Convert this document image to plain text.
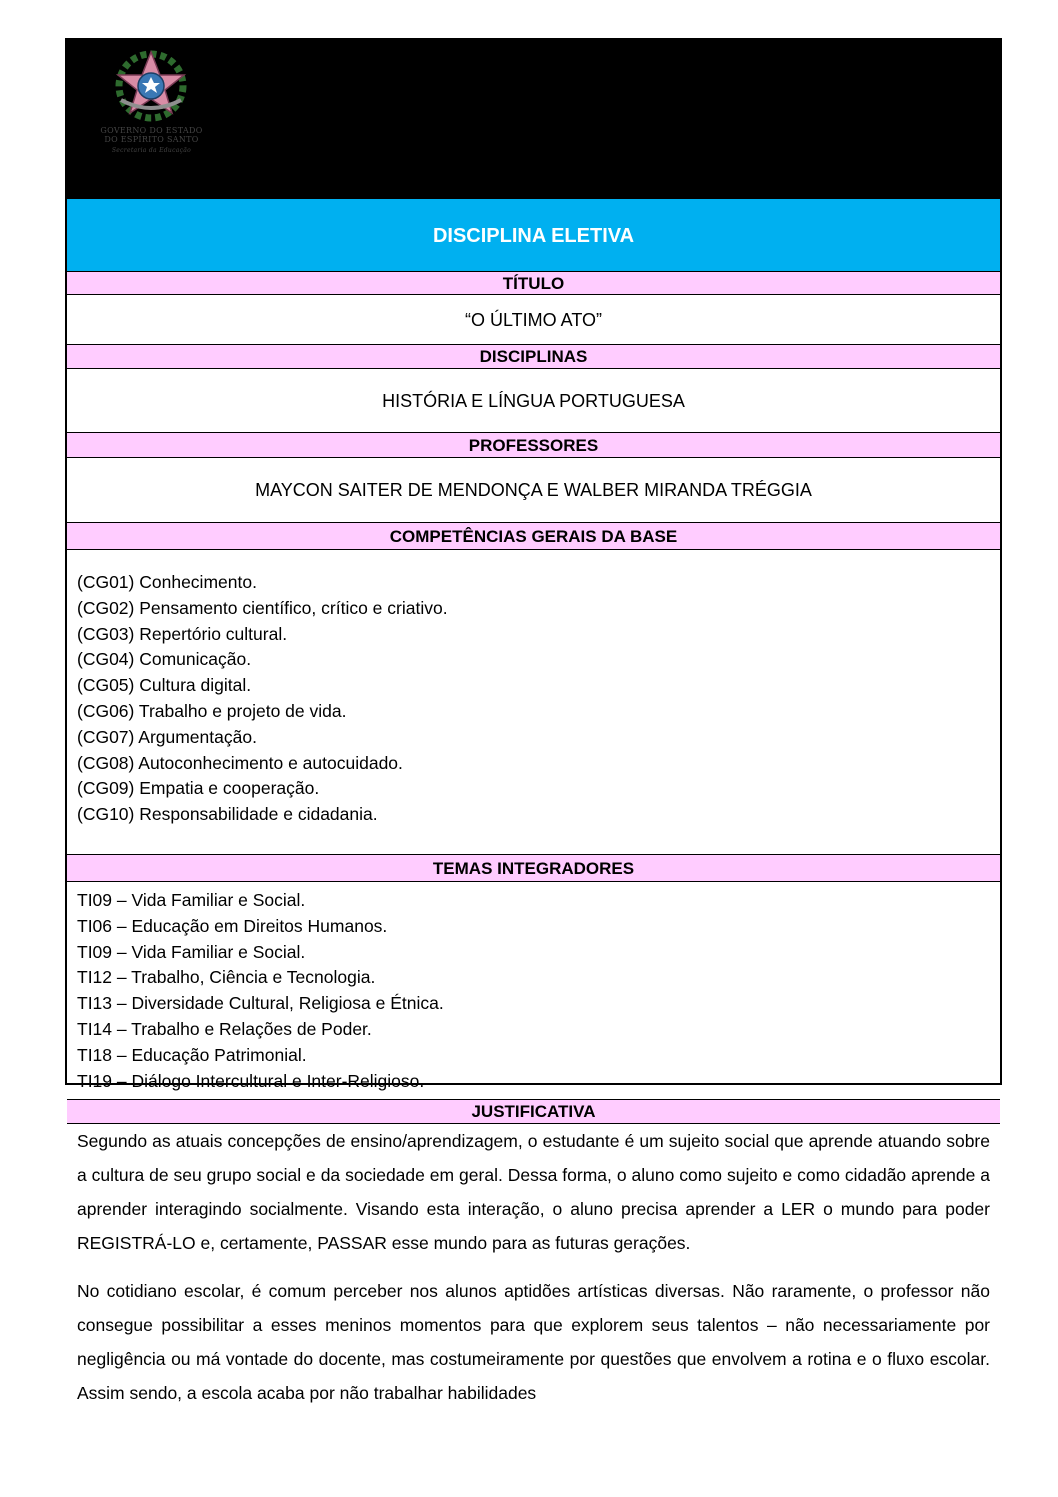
GOVERNO DO ESTADO
DO ESPÍRITO SANTO
Secretaria da Educação
DISCIPLINA ELETIVA
TÍTULO
“O ÚLTIMO ATO”
DISCIPLINAS
HISTÓRIA E LÍNGUA PORTUGUESA
PROFESSORES
MAYCON SAITER DE MENDONÇA E WALBER MIRANDA TRÉGGIA
COMPETÊNCIAS GERAIS DA BASE
(CG01) Conhecimento.
(CG02) Pensamento científico, crítico e criativo.
(CG03) Repertório cultural.
(CG04) Comunicação.
(CG05) Cultura digital.
(CG06) Trabalho e projeto de vida.
(CG07) Argumentação.
(CG08) Autoconhecimento e autocuidado.
(CG09) Empatia e cooperação.
(CG10) Responsabilidade e cidadania.
TEMAS INTEGRADORES
TI09 – Vida Familiar e Social.
TI06 – Educação em Direitos Humanos.
TI09 – Vida Familiar e Social.
TI12 – Trabalho, Ciência e Tecnologia.
TI13 – Diversidade Cultural, Religiosa e Étnica.
TI14 – Trabalho e Relações de Poder.
TI18 – Educação Patrimonial.
TI19 – Diálogo Intercultural e Inter-Religioso.
JUSTIFICATIVA

Segundo as atuais concepções de ensino/aprendizagem, o estudante é um sujeito social que aprende atuando sobre a cultura de seu grupo social e da sociedade em geral. Dessa forma, o aluno como sujeito e como cidadão aprende a aprender interagindo socialmente. Visando esta interação, o aluno precisa aprender a LER o mundo para poder REGISTRÁ-LO e, certamente, PASSAR esse mundo para as futuras gerações.

No cotidiano escolar, é comum perceber nos alunos aptidões artísticas diversas. Não raramente, o professor não consegue possibilitar a esses meninos momentos para que explorem seus talentos – não necessariamente por negligência ou má vontade do docente, mas costumeiramente por questões que envolvem a rotina e o fluxo escolar. Assim sendo, a escola acaba por não trabalhar habilidades
